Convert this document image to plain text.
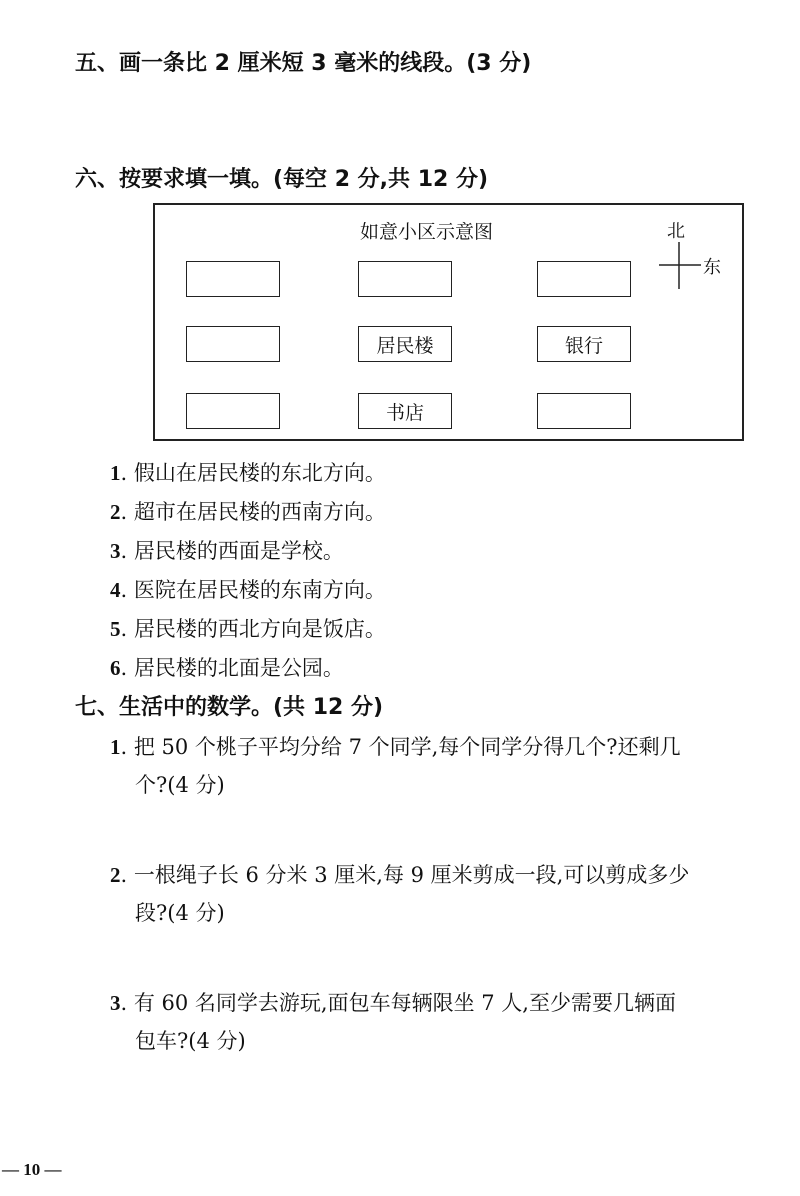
五、画一条比 2 厘米短 3 毫米的线段。(3 分)
六、按要求填一填。(每空 2 分,共 12 分)
如意小区示意图	北
东
居民楼	银行
书店
1. 假山在居民楼的东北方向。
2. 超市在居民楼的西南方向。
3. 居民楼的西面是学校。
4. 医院在居民楼的东南方向。
5. 居民楼的西北方向是饭店。
6. 居民楼的北面是公园。
七、生活中的数学。(共 12 分)
1. 把 50 个桃子平均分给 7 个同学,每个同学分得几个?还剩几
个?(4 分)
2. 一根绳子长 6 分米 3 厘米,每 9 厘米剪成一段,可以剪成多少
段?(4 分)
3. 有 60 名同学去游玩,面包车每辆限坐 7 人,至少需要几辆面
包车?(4 分)
— 10 —
